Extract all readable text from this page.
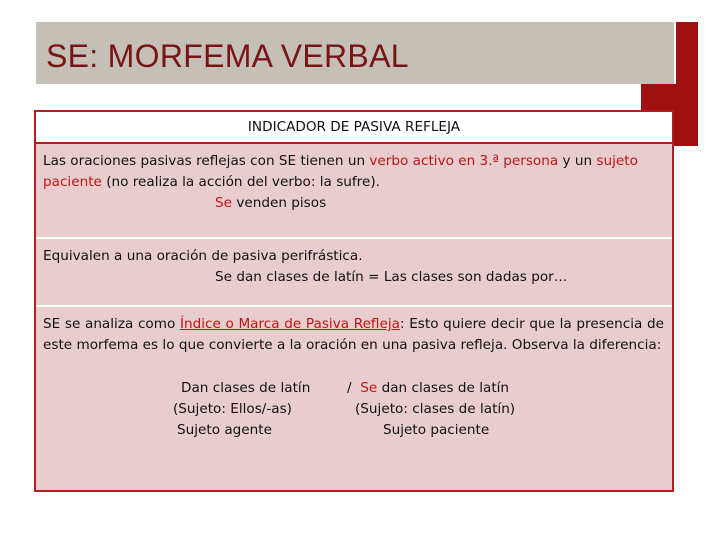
SE: MORFEMA VERBAL
INDICADOR DE PASIVA REFLEJA
Las oraciones pasivas reflejas con SE tienen un verbo activo en 3.ª persona y un sujeto paciente (no realiza la acción del verbo: la sufre).
Se venden pisos
Equivalen a una oración de pasiva perifrástica.
Se dan clases de latín = Las clases son dadas por…
SE se analiza como Índice o Marca de Pasiva Refleja: Esto quiere decir que la presencia de este morfema es lo que convierte a la oración en una pasiva refleja. Observa la diferencia:
Dan clases de latín
(Sujeto: Ellos/-as)
Sujeto agente
/ Se dan clases de latín
(Sujeto: clases de latín)
Sujeto paciente
